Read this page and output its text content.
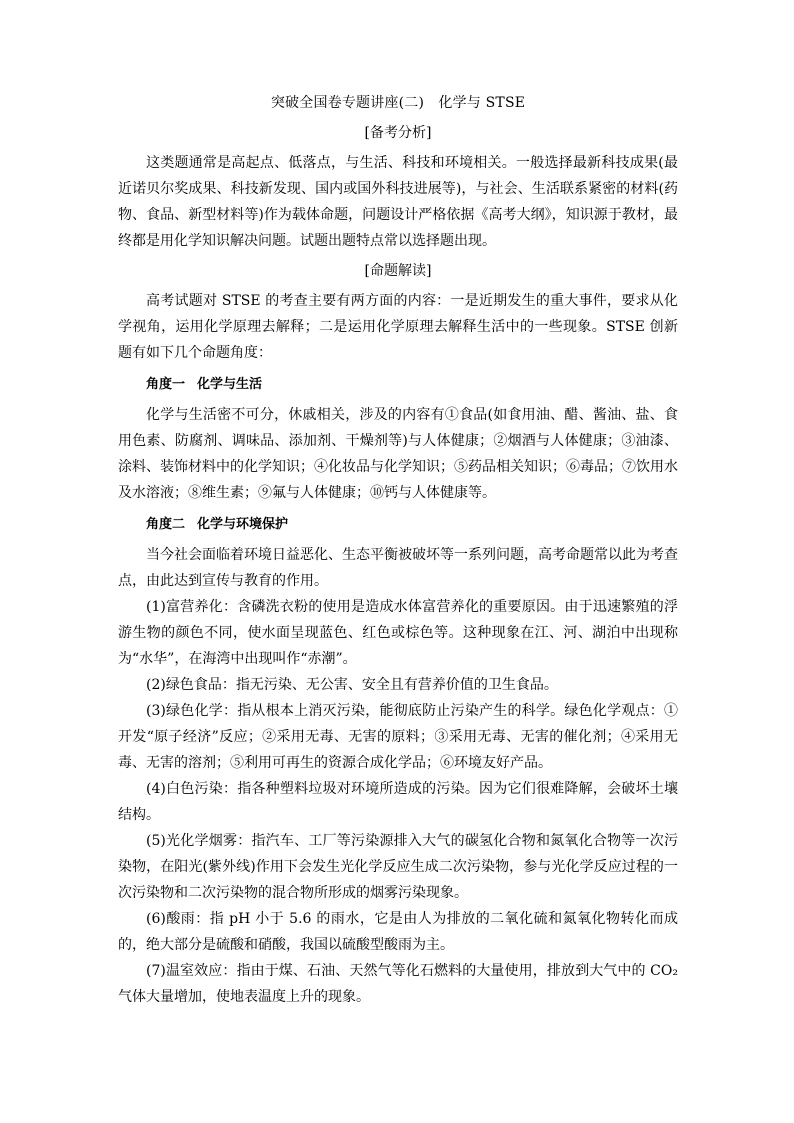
突破全国卷专题讲座(二)　化学与 STSE
[备考分析]

这类题通常是高起点、低落点，与生活、科技和环境相关。一般选择最新科技成果(最近诺贝尔奖成果、科技新发现、国内或国外科技进展等)，与社会、生活联系紧密的材料(药物、食品、新型材料等)作为载体命题，问题设计严格依据《高考大纲》，知识源于教材，最终都是用化学知识解决问题。试题出题特点常以选择题出现。

[命题解读]

高考试题对 STSE 的考查主要有两方面的内容：一是近期发生的重大事件，要求从化学视角，运用化学原理去解释；二是运用化学原理去解释生活中的一些现象。STSE 创新题有如下几个命题角度：

角度一 化学与生活

化学与生活密不可分，休戚相关，涉及的内容有①食品(如食用油、醋、酱油、盐、食用色素、防腐剂、调味品、添加剂、干燥剂等)与人体健康；②烟酒与人体健康；③油漆、涂料、装饰材料中的化学知识；④化妆品与化学知识；⑤药品相关知识；⑥毒品；⑦饮用水及水溶液；⑧维生素；⑨氟与人体健康；⑩钙与人体健康等。

角度二 化学与环境保护

当今社会面临着环境日益恶化、生态平衡被破坏等一系列问题，高考命题常以此为考查点，由此达到宣传与教育的作用。

(1)富营养化：含磷洗衣粉的使用是造成水体富营养化的重要原因。由于迅速繁殖的浮游生物的颜色不同，使水面呈现蓝色、红色或棕色等。这种现象在江、河、湖泊中出现称为“水华”，在海湾中出现叫作“赤潮”。

(2)绿色食品：指无污染、无公害、安全且有营养价值的卫生食品。

(3)绿色化学：指从根本上消灭污染，能彻底防止污染产生的科学。绿色化学观点：①开发“原子经济”反应；②采用无毒、无害的原料；③采用无毒、无害的催化剂；④采用无毒、无害的溶剂；⑤利用可再生的资源合成化学品；⑥环境友好产品。

(4)白色污染：指各种塑料垃圾对环境所造成的污染。因为它们很难降解，会破坏土壤结构。

(5)光化学烟雾：指汽车、工厂等污染源排入大气的碳氢化合物和氮氧化合物等一次污染物，在阳光(紫外线)作用下会发生光化学反应生成二次污染物，参与光化学反应过程的一次污染物和二次污染物的混合物所形成的烟雾污染现象。

(6)酸雨：指 pH 小于 5.6 的雨水，它是由人为排放的二氧化硫和氮氧化物转化而成的，绝大部分是硫酸和硝酸，我国以硫酸型酸雨为主。

(7)温室效应：指由于煤、石油、天然气等化石燃料的大量使用，排放到大气中的 CO₂ 气体大量增加，使地表温度上升的现象。
